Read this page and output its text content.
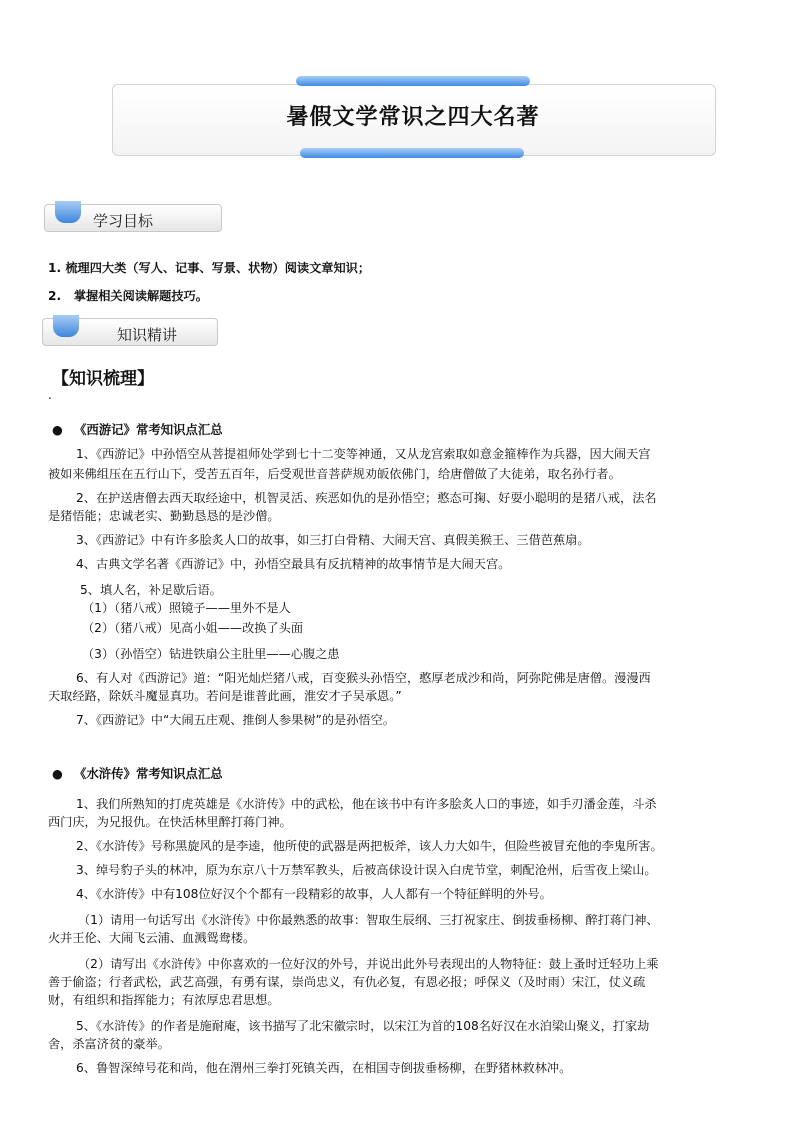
暑假文学常识之四大名著
学习目标
1. 梳理四大类（写人、记事、写景、状物）阅读文章知识；
2.   掌握相关阅读解题技巧。
知识精讲
【知识梳理】
.
● 《西游记》常考知识点汇总
1、《西游记》中孙悟空从菩提祖师处学到七十二变等神通，又从龙宫索取如意金箍棒作为兵器，因大闹天宫
被如来佛组压在五行山下，受苦五百年，后受观世音菩萨规劝皈依佛门，给唐僧做了大徒弟，取名孙行者。
2、在护送唐僧去西天取经途中，机智灵活、疾恶如仇的是孙悟空；憨态可掬、好耍小聪明的是猪八戒，法名
是猪悟能；忠诚老实、勤勤恳恳的是沙僧。
3、《西游记》中有许多脍炙人口的故事，如三打白骨精、大闹天宫、真假美猴王、三借芭蕉扇。
4、古典文学名著《西游记》中，孙悟空最具有反抗精神的故事情节是大闹天宫。
5、填人名，补足歇后语。
（1）（猪八戒）照镜子——里外不是人
（2）（猪八戒）见高小姐——改换了头面
（3）（孙悟空）钻进铁扇公主肚里——心腹之患
6、有人对《西游记》道：“阳光灿烂猪八戒，百变猴头孙悟空，憨厚老成沙和尚，阿弥陀佛是唐僧。漫漫西
天取经路，除妖斗魔显真功。若问是谁普此画，淮安才子吴承恩。”
7、《西游记》中“大闹五庄观、推倒人参果树”的是孙悟空。
● 《水浒传》常考知识点汇总
1、我们所熟知的打虎英雄是《水浒传》中的武松，他在该书中有许多脍炙人口的事迹，如手刃潘金莲，斗杀
西门庆，为兄报仇。在快活林里醉打蒋门神。
2、《水浒传》号称黑旋风的是李逵，他所使的武器是两把板斧，该人力大如牛，但险些被冒充他的李鬼所害。
3、绰号豹子头的林冲，原为东京八十万禁军教头，后被高俅设计误入白虎节堂，刺配沧州，后雪夜上梁山。
4、《水浒传》中有108位好汉个个都有一段精彩的故事，人人都有一个特征鲜明的外号。
（1）请用一句话写出《水浒传》中你最熟悉的故事：智取生辰纲、三打祝家庄、倒拔垂杨柳、醉打蒋门神、
火并王伦、大闹飞云浦、血溅鸳鸯楼。
（2）请写出《水浒传》中你喜欢的一位好汉的外号，并说出此外号表现出的人物特征：鼓上蚤时迁轻功上乘
善于偷盗；行者武松，武艺高强，有勇有谋，崇尚忠义，有仇必复，有恩必报；呼保义（及时雨）宋江，仗义疏
财，有组织和指挥能力；有浓厚忠君思想。
5、《水浒传》的作者是施耐庵，该书描写了北宋徽宗时，以宋江为首的108名好汉在水泊梁山聚义，打家劫
舍，杀富济贫的豪举。
6、鲁智深绰号花和尚，他在渭州三拳打死镇关西，在相国寺倒拔垂杨柳，在野猪林救林冲。
